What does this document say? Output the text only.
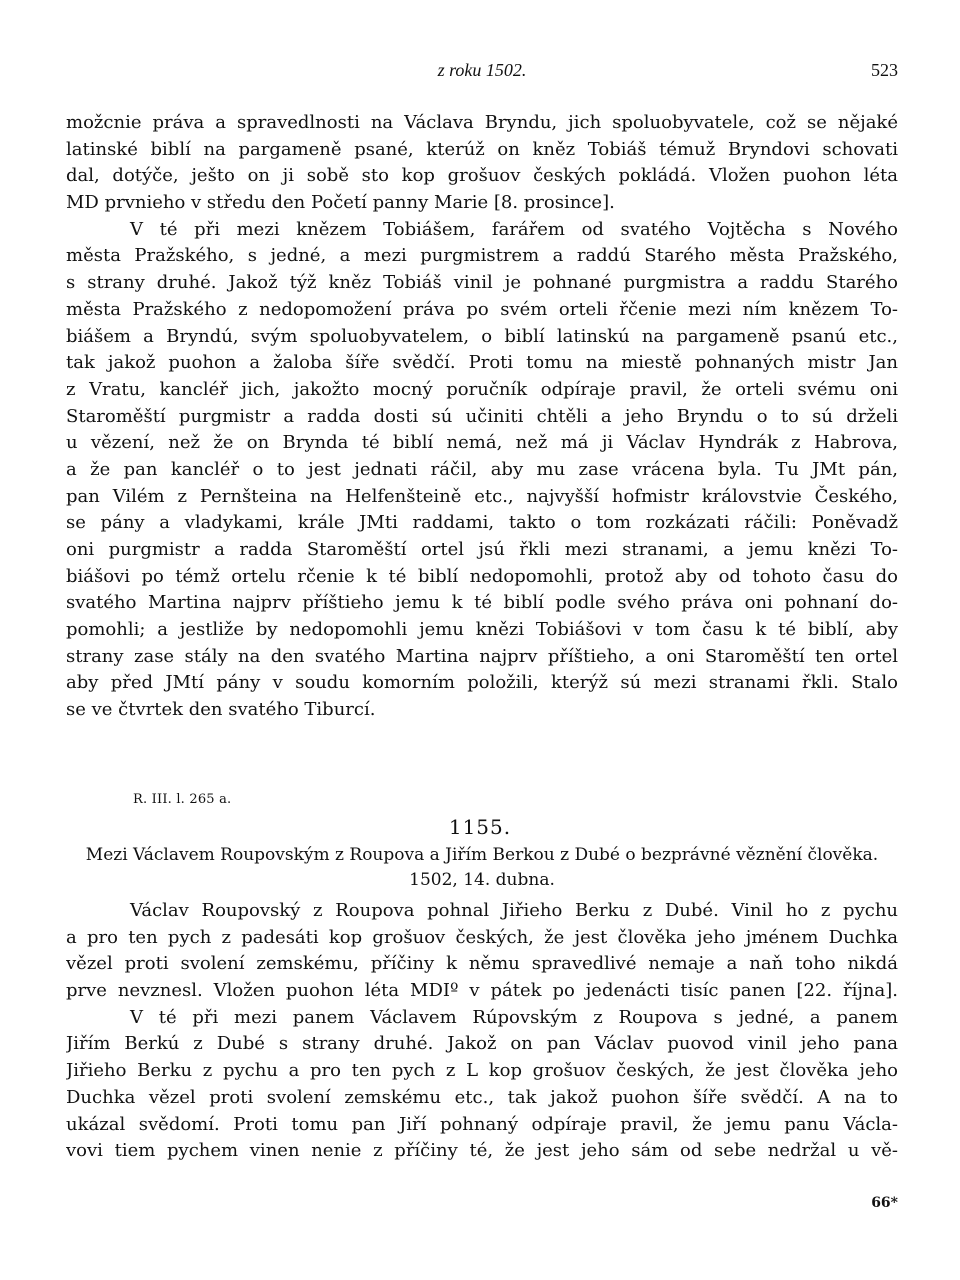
z roku 1502.	523
možcnie práva a spravedlnosti na Václava Bryndu, jich spoluobyvatele, což se nějaké
latinské biblí na pargameně psané, kterúž on kněz Tobiáš témuž Bryndovi schovati
dal, dotýče, ješto on ji sobě sto kop grošuov českých pokládá. Vložen puohon léta
MD prvnieho v středu den Početí panny Marie [8. prosince].
V té při mezi knězem Tobiášem, farářem od svatého Vojtěcha s Nového
města Pražského, s jedné, a mezi purgmistrem a raddú Starého města Pražského,
s strany druhé. Jakož týž kněz Tobiáš vinil je pohnané purgmistra a raddu Starého
města Pražského z nedopomožení práva po svém orteli řčenie mezi ním knězem To-
biášem a Bryndú, svým spoluobyvatelem, o biblí latinskú na pargameně psanú etc.,
tak jakož puohon a žaloba šíře svědčí. Proti tomu na miestě pohnaných mistr Jan
z Vratu, kancléř jich, jakožto mocný poručník odpíraje pravil, že orteli svému oni
Staroměští purgmistr a radda dosti sú učiniti chtěli a jeho Bryndu o to sú drželi
u vězení, než že on Brynda té biblí nemá, než má ji Václav Hyndrák z Habrova,
a že pan kancléř o to jest jednati ráčil, aby mu zase vrácena byla. Tu JMt pán,
pan Vilém z Pernšteina na Helfenšteině etc., najvyšší hofmistr královstvie Českého,
se pány a vladykami, krále JMti raddami, takto o tom rozkázati ráčili: Poněvadž
oni purgmistr a radda Staroměští ortel jsú řkli mezi stranami, a jemu knězi To-
biášovi po témž ortelu rčenie k té biblí nedopomohli, protož aby od tohoto času do
svatého Martina najprv příštieho jemu k té biblí podle svého práva oni pohnaní do-
pomohli; a jestliže by nedopomohli jemu knězi Tobiášovi v tom času k té biblí, aby
strany zase stály na den svatého Martina najprv příštieho, a oni Staroměští ten ortel
aby před JMtí pány v soudu komorním položili, kterýž sú mezi stranami řkli. Stalo
se ve čtvrtek den svatého Tiburcí.
R. III. l. 265 a.
1155.
Mezi Václavem Roupovským z Roupova a Jiřím Berkou z Dubé o bezprávné věznění člověka.
1502, 14. dubna.
Václav Roupovský z Roupova pohnal Jiřieho Berku z Dubé. Vinil ho z pychu
a pro ten pych z padesáti kop grošuov českých, že jest člověka jeho jménem Duchka
vězel proti svolení zemskému, příčiny k němu spravedlivé nemaje a naň toho nikdá
prve nevznesl. Vložen puohon léta MDIº v pátek po jedenácti tisíc panen [22. října].
V té při mezi panem Václavem Rúpovským z Roupova s jedné, a panem
Jiřím Berkú z Dubé s strany druhé. Jakož on pan Václav puovod vinil jeho pana
Jiřieho Berku z pychu a pro ten pych z L kop grošuov českých, že jest člověka jeho
Duchka vězel proti svolení zemskému etc., tak jakož puohon šíře svědčí. A na to
ukázal svědomí. Proti tomu pan Jiří pohnaný odpíraje pravil, že jemu panu Václa-
vovi tiem pychem vinen nenie z příčiny té, že jest jeho sám od sebe nedržal u vě-
66*
